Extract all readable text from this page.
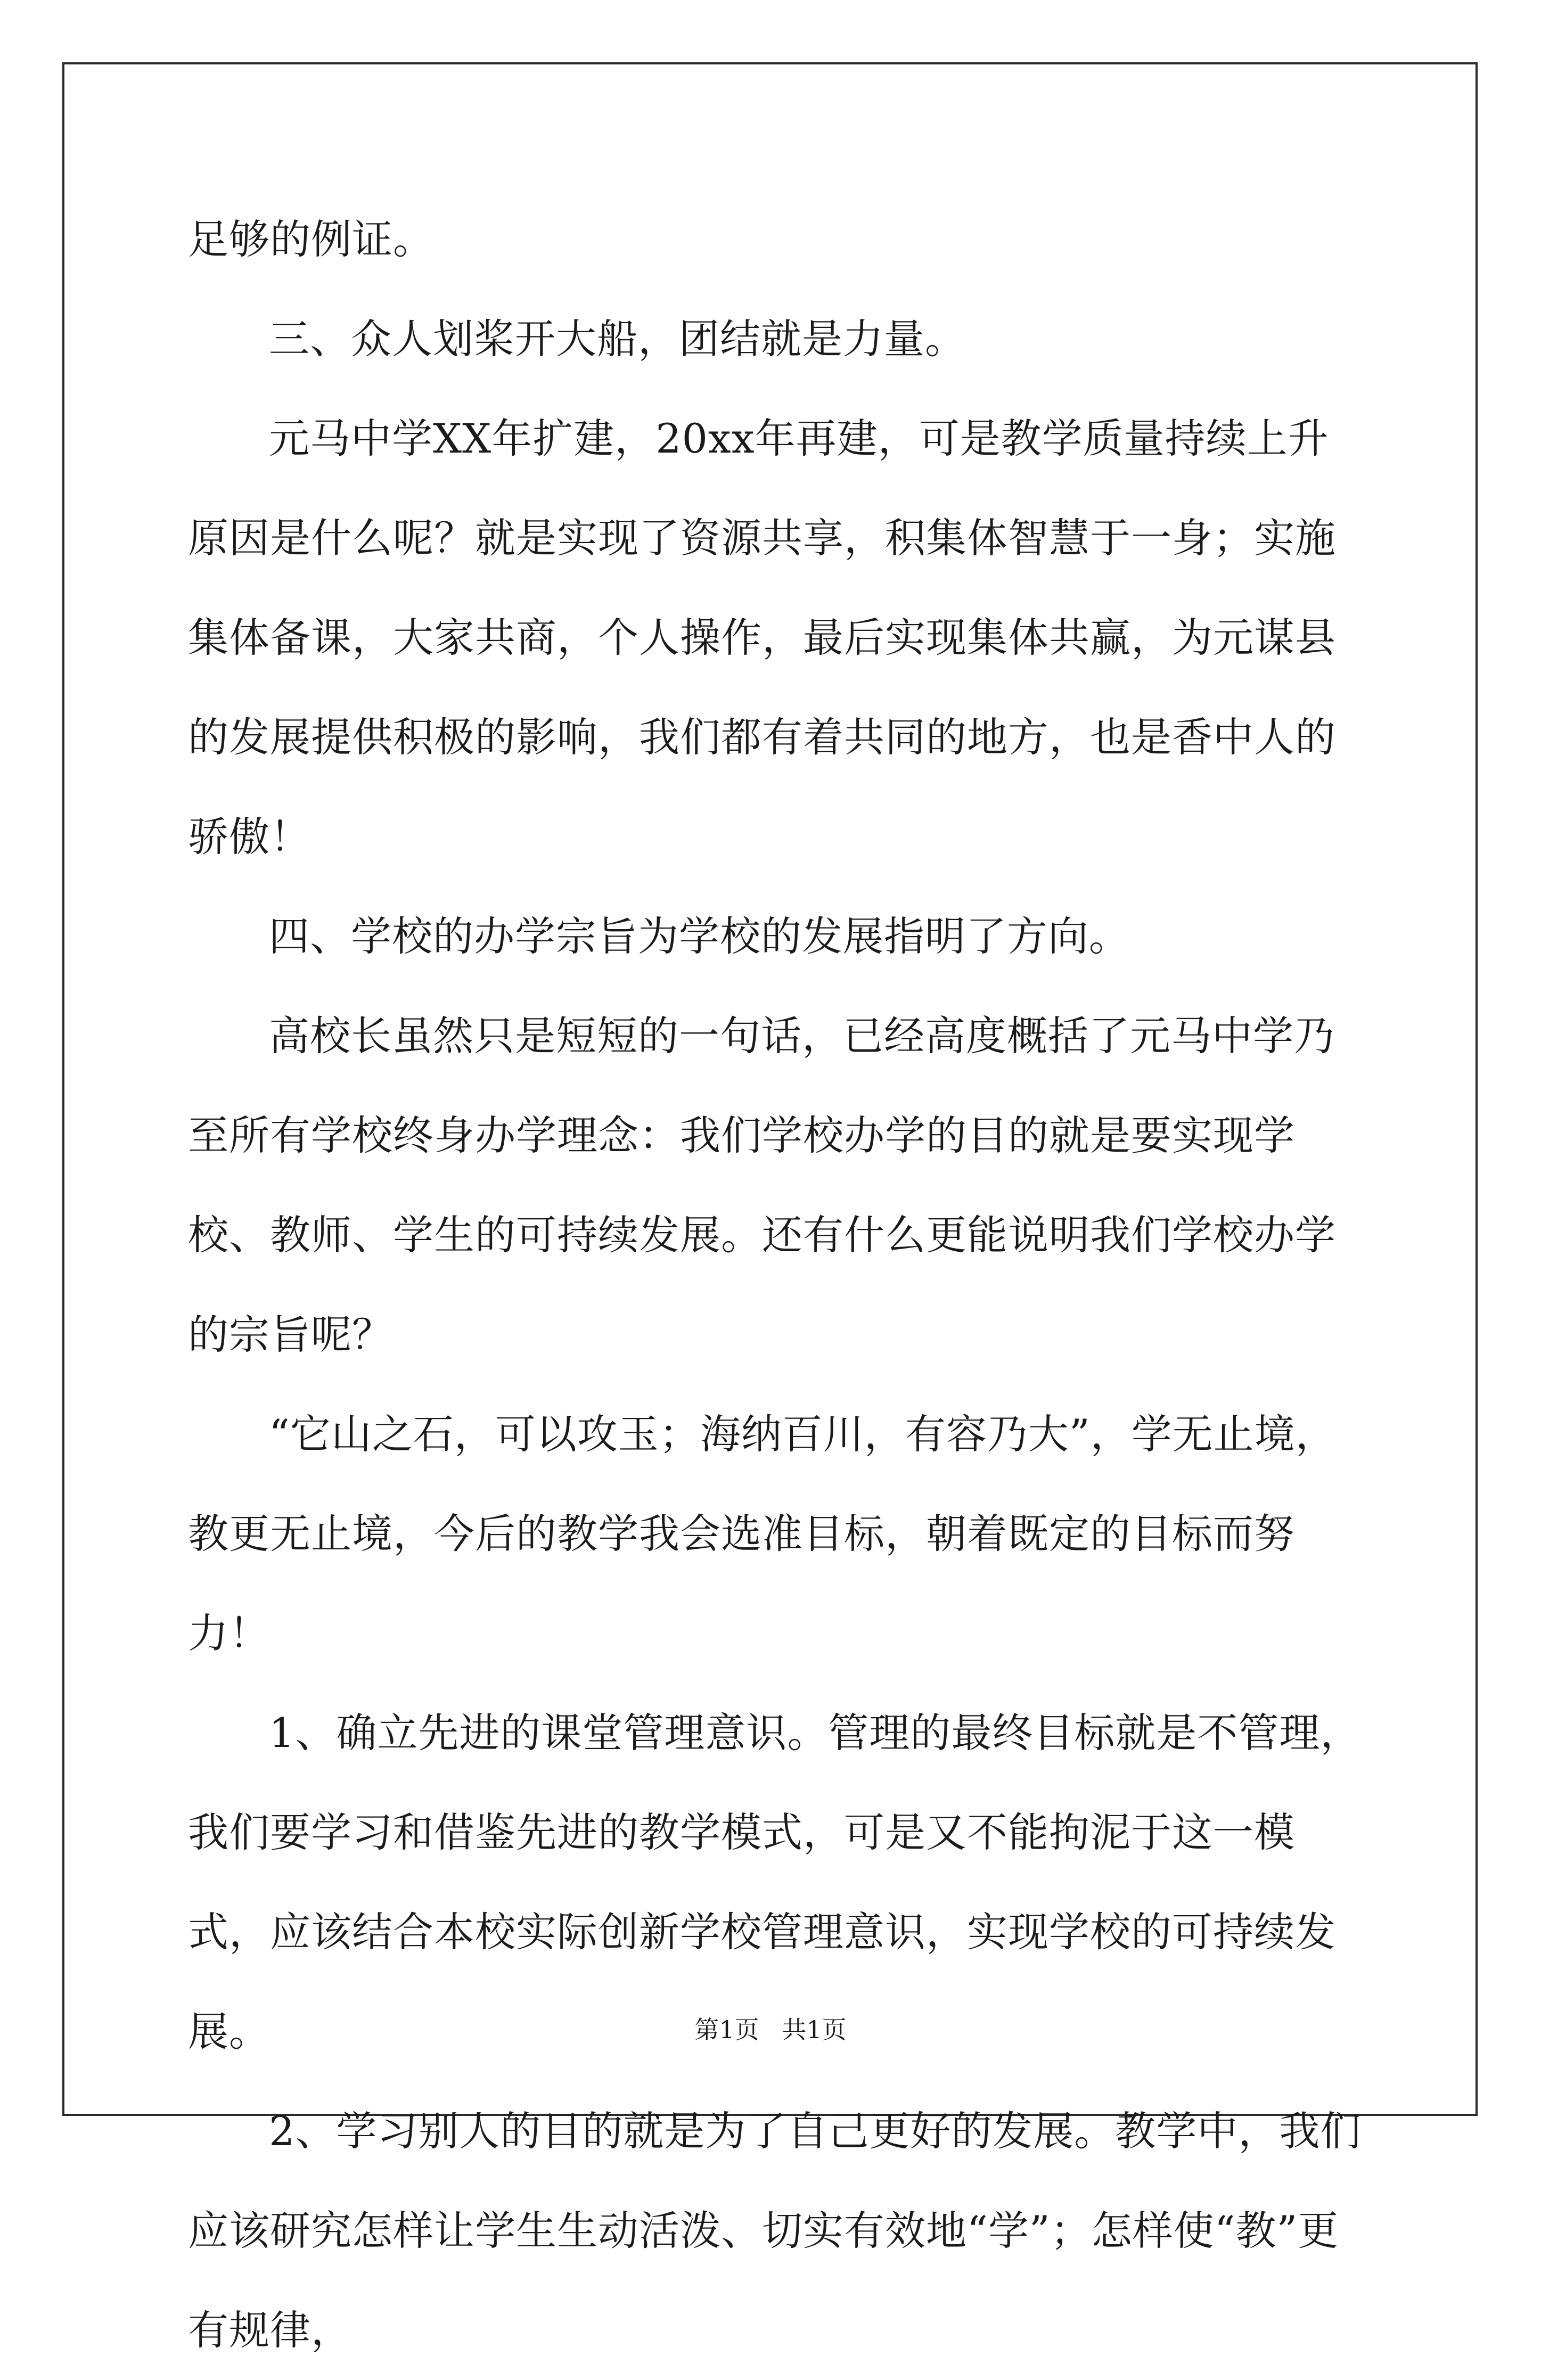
足够的例证。

三、众人划桨开大船，团结就是力量。

元马中学XX年扩建，20xx年再建，可是教学质量持续上升原因是什么呢？就是实现了资源共享，积集体智慧于一身；实施集体备课，大家共商，个人操作，最后实现集体共赢，为元谋县的发展提供积极的影响，我们都有着共同的地方，也是香中人的骄傲！

四、学校的办学宗旨为学校的发展指明了方向。

高校长虽然只是短短的一句话，已经高度概括了元马中学乃至所有学校终身办学理念：我们学校办学的目的就是要实现学校、教师、学生的可持续发展。还有什么更能说明我们学校办学的宗旨呢？

“它山之石，可以攻玉；海纳百川，有容乃大”，学无止境，教更无止境，今后的教学我会选准目标，朝着既定的目标而努力！

1、确立先进的课堂管理意识。管理的最终目标就是不管理，我们要学习和借鉴先进的教学模式，可是又不能拘泥于这一模式，应该结合本校实际创新学校管理意识，实现学校的可持续发展。

2、学习别人的目的就是为了自己更好的发展。教学中，我们应该研究怎样让学生生动活泼、切实有效地“学”；怎样使“教”更有规律，

第1页 共1页
